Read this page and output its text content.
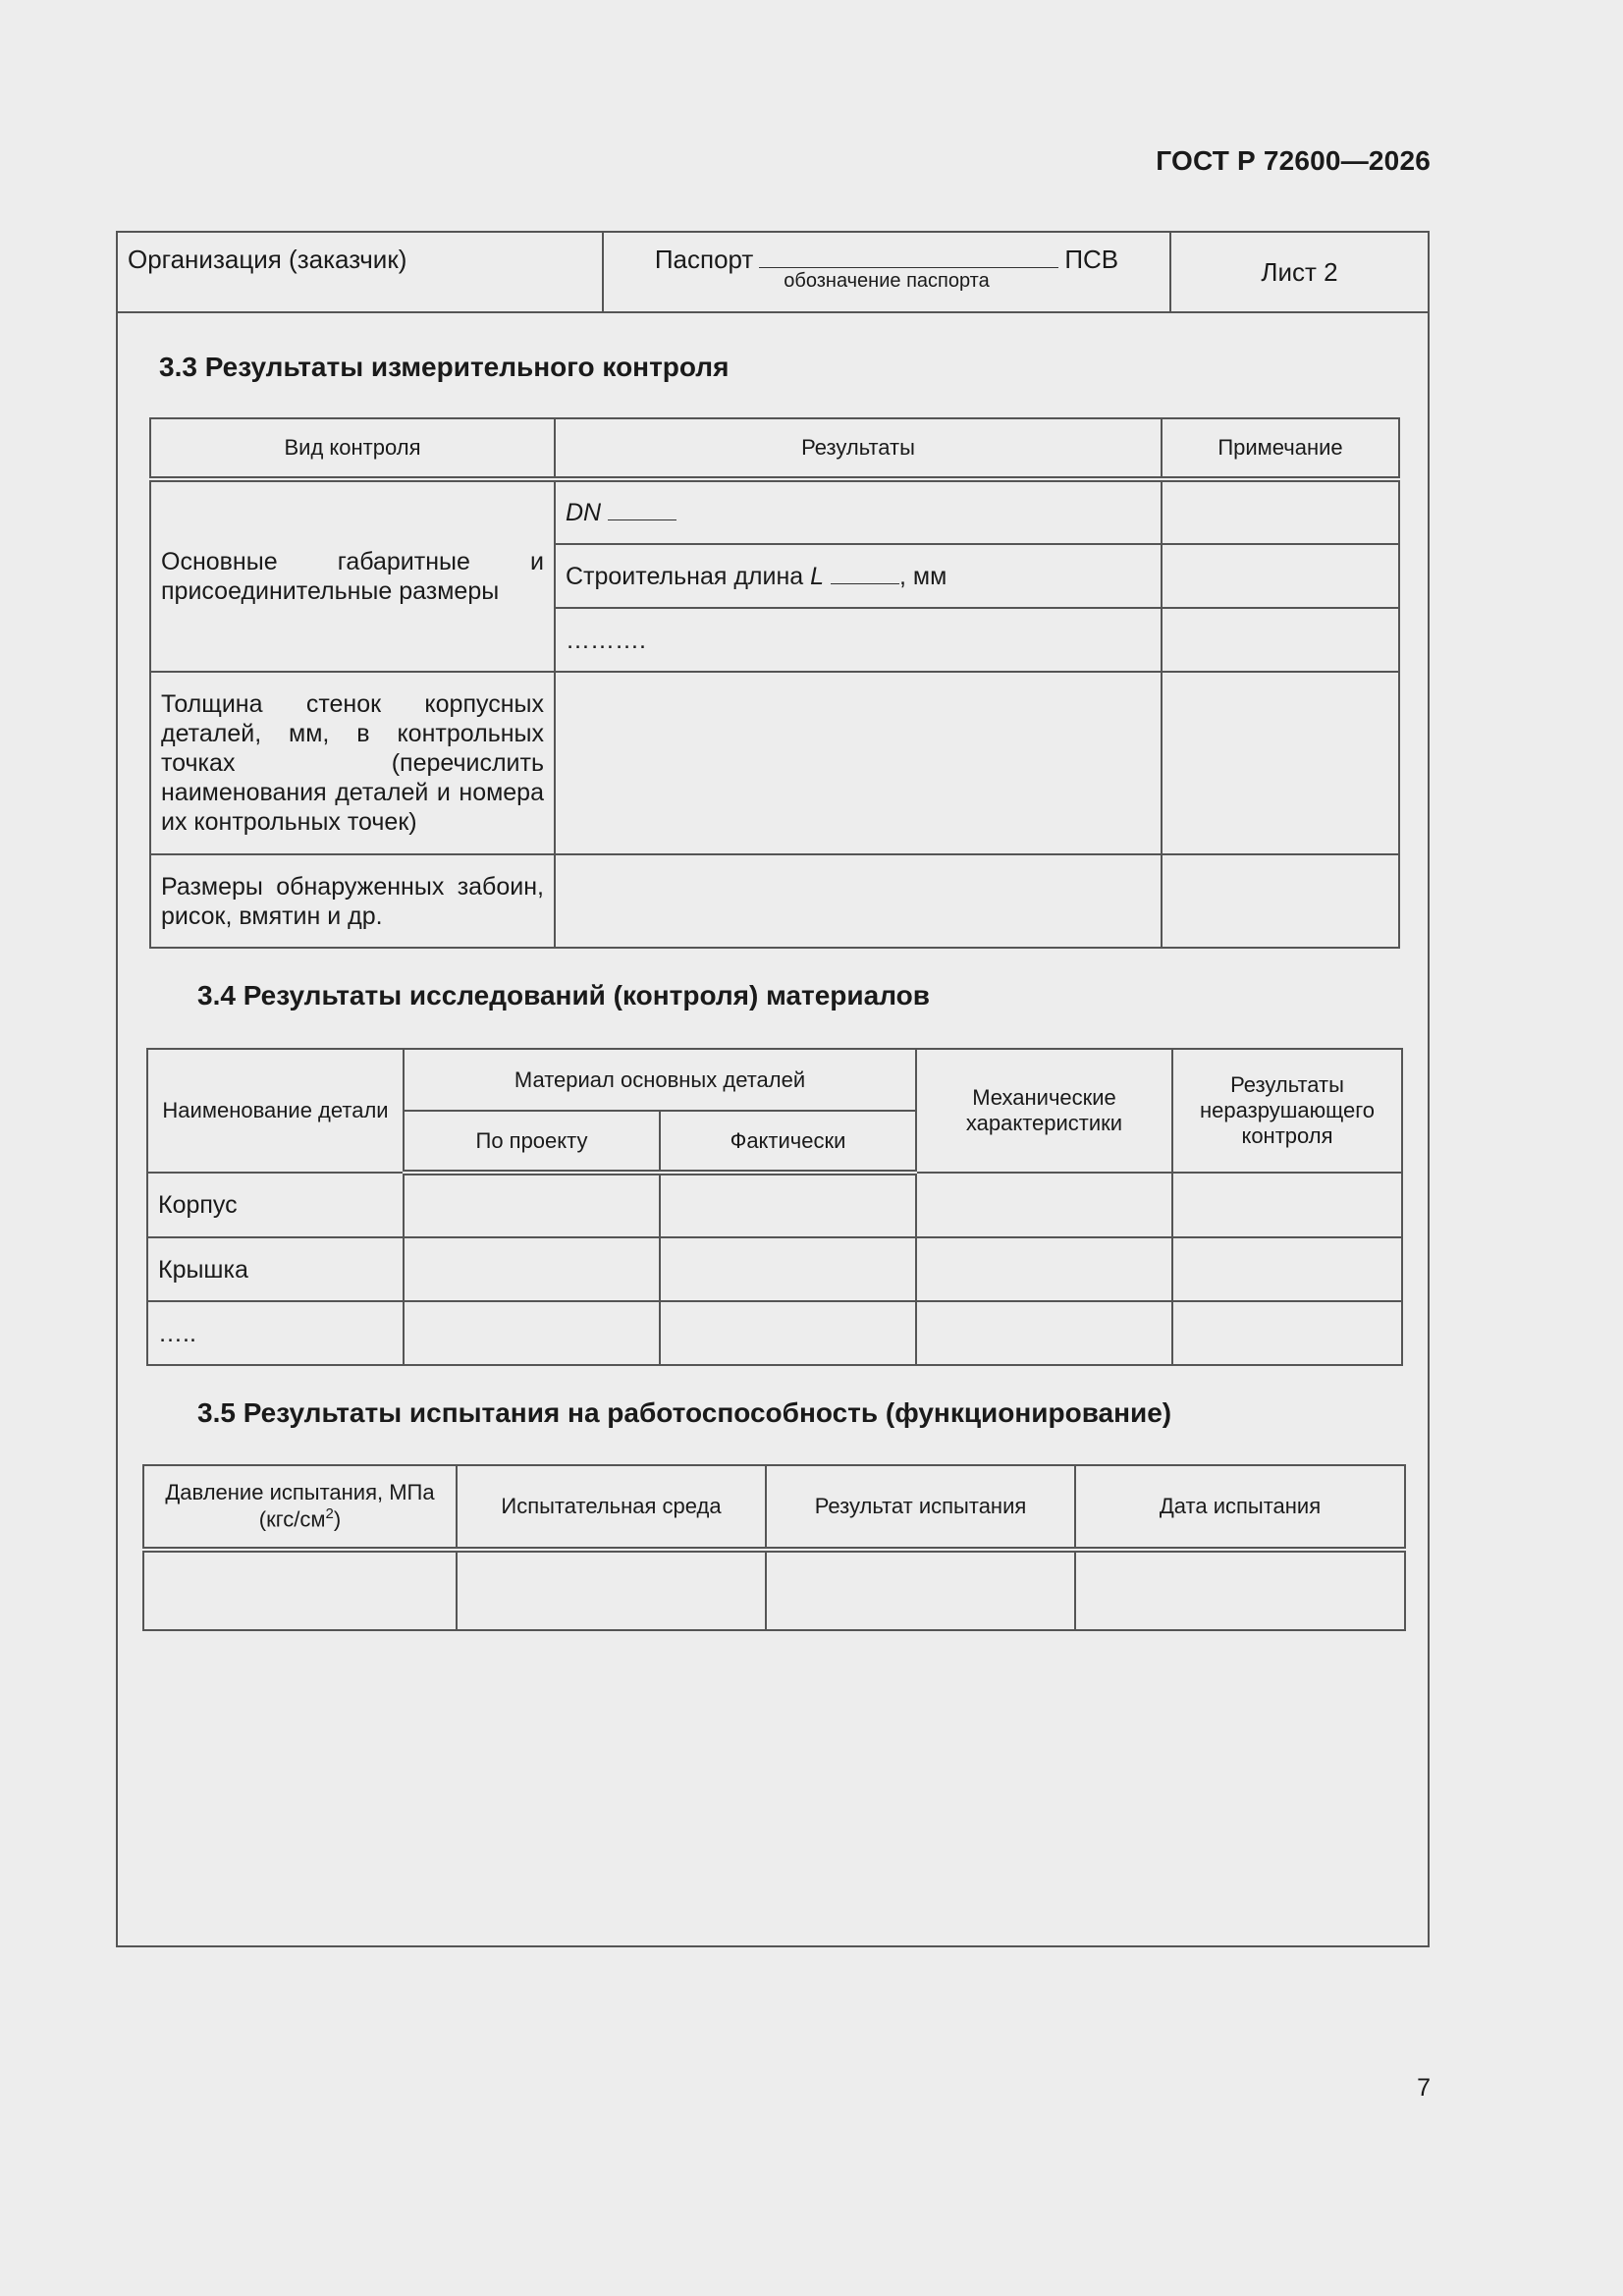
ГОСТ Р 72600—2026
Организация (заказчик)	Паспорт	ПСВ
обозначение паспорта	Лист 2
3.3 Результаты измерительного контроля
Вид контроля	Результаты	Примечание
Основные габаритные и присоединительные размеры	DN	
	Строительная длина L , мм	
	……….	
Толщина стенок корпусных деталей, мм, в контрольных точках (перечислить наименования деталей и номера их контрольных точек)		
Размеры обнаруженных забоин, рисок, вмятин и др.		
3.4 Результаты исследований (контроля) материалов
Наименование детали	Материал основных деталей		Механические характеристики	Результаты неразрушающего контроля
	По проекту	Фактически		
Корпус				
Крышка				
…..				
3.5 Результаты испытания на работоспособность (функционирование)
Давление испытания, МПа
$(кгс/см^2)$	Испытательная среда	Результат испытания	Дата испытания

7
